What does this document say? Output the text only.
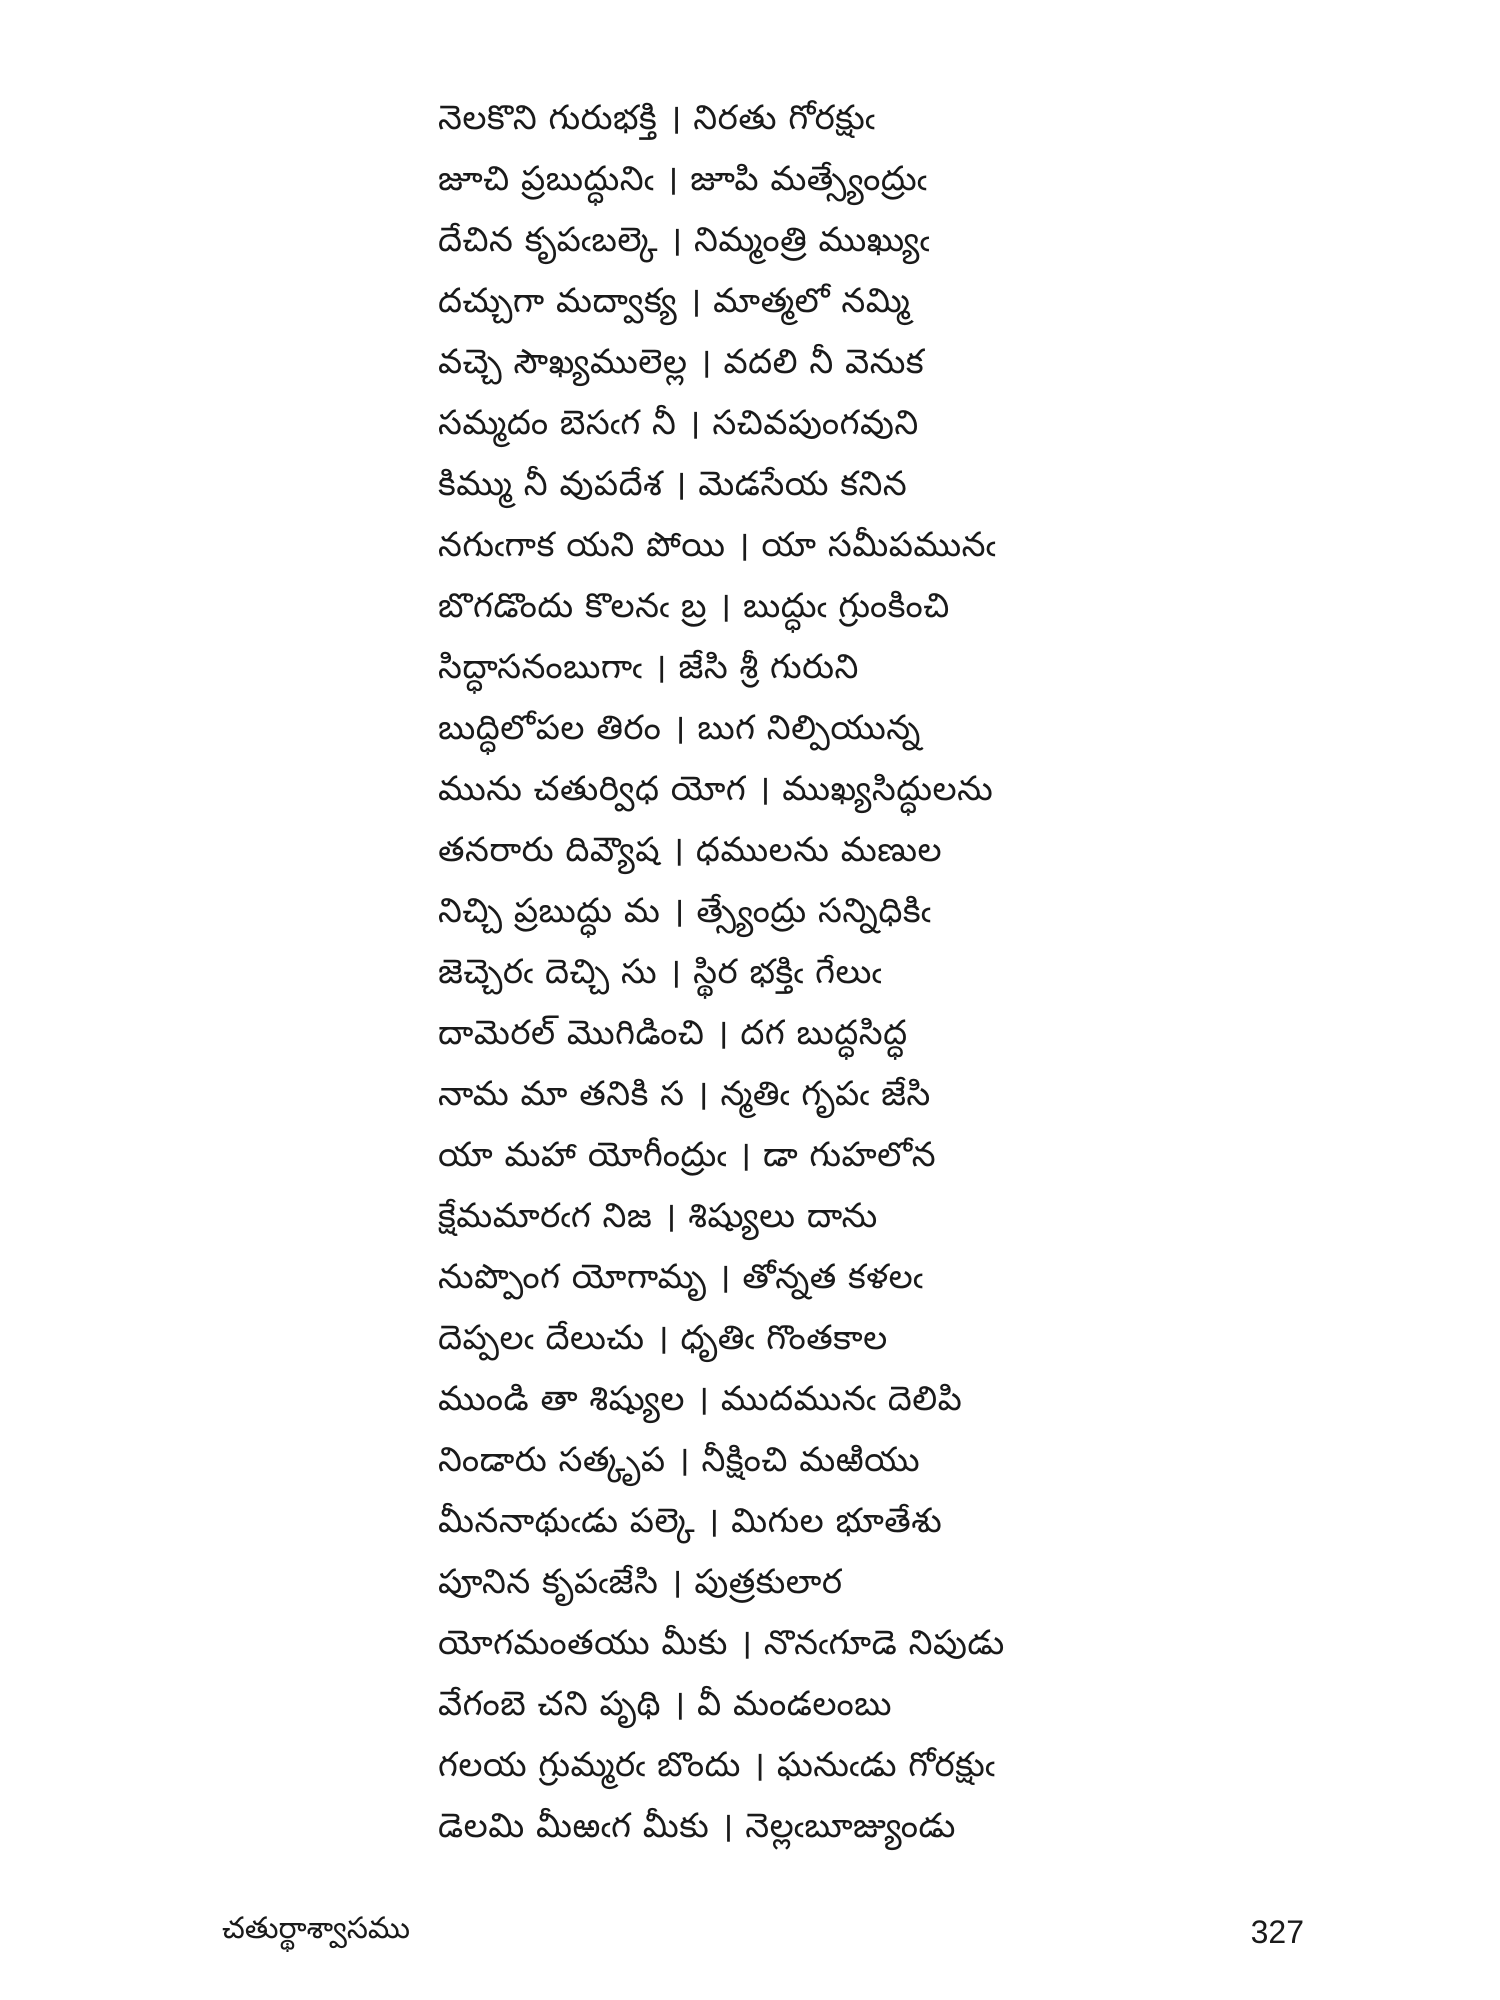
నెలకొని గురుభక్తి । నిరతు గోరక్షుఁ
జూచి ప్రబుద్ధునిఁ । జూపి మత్స్యేంద్రుఁ
దేచిన కృపఁబల్కె । నిమ్మంత్రి ముఖ్యుఁ
దచ్చుగా మద్వాక్య । మాత్మలో నమ్మి
వచ్చె సౌఖ్యములెల్ల । వదలి నీ వెనుక
సమ్మదం బెసఁగ నీ । సచివపుంగవుని
కిమ్ము నీ వుపదేశ । మెడసేయ కనిన
నగుఁగాక యని పోయి । యా సమీపమునఁ
బొగడొందు కొలనఁ బ్ర । బుద్ధుఁ గ్రుంకించి
సిద్ధాసనంబుగాఁ । జేసి శ్రీ గురుని
బుద్ధిలోపల తిరం । బుగ నిల్పియున్న
మును చతుర్విధ యోగ । ముఖ్యసిద్ధులను
తనరారు దివ్యౌష । ధములను మణుల
నిచ్చి ప్రబుద్ధు మ । త్స్యేంద్రు సన్నిధికిఁ
జెచ్చెరఁ దెచ్చి సు । స్థిర భక్తిఁ గేలుఁ
దామెరల్ మొగిడించి । దగ బుద్ధసిద్ధ
నామ మా తనికి స । న్మతిఁ గృపఁ జేసి
యా మహా యోగీంద్రుఁ । డా గుహలోన
క్షేమమారఁగ నిజ । శిష్యులు దాను
నుప్పొంగ యోగామృ । తోన్నత కళలఁ
దెప్పలఁ దేలుచు । ధృతిఁ గొంతకాల
ముండి తా శిష్యుల । ముదమునఁ దెలిపి
నిండారు సత్కృప । నీక్షించి మఱియు
మీననాథుఁడు పల్కె । మిగుల భూతేశు
పూనిన కృపఁజేసి । పుత్రకులార
యోగమంతయు మీకు । నొనఁగూడె నిపుడు
వేగంబె చని పృథి । వీ మండలంబు
గలయ గ్రుమ్మరఁ బొందు । ఘనుఁడు గోరక్షుఁ
డెలమి మీఱఁగ మీకు । నెల్లఁబూజ్యుండు
చతుర్థాశ్వాసము	327
